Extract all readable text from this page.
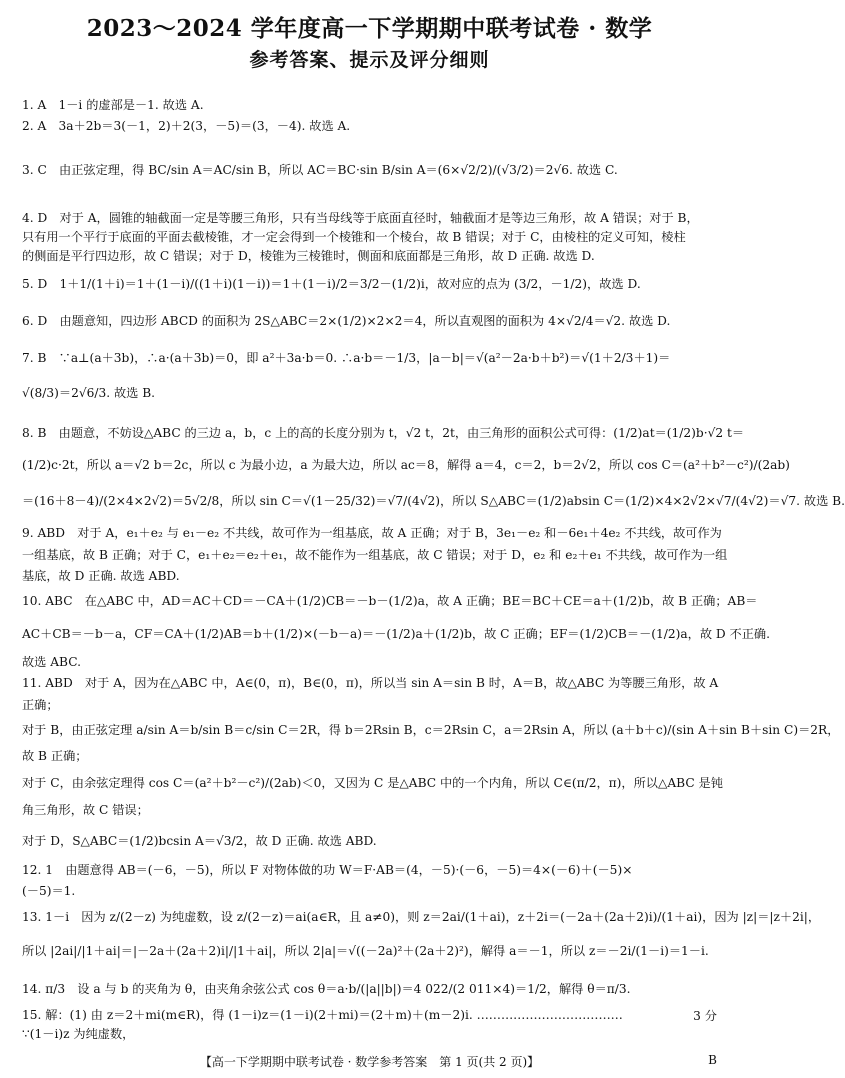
2023～2024 学年度高一下学期期中联考试卷 · 数学
参考答案、提示及评分细则
1. A　1－i 的虚部是－1. 故选 A.
2. A　3a＋2b＝3(－1，2)＋2(3，－5)＝(3，－4). 故选 A.
3. C　由正弦定理，得 BC/sin A＝AC/sin B，所以 AC＝BC·sin B/sin A＝(6×√2/2)/(√3/2)＝2√6. 故选 C.
4. D　对于 A，圆锥的轴截面一定是等腰三角形，只有当母线等于底面直径时，轴截面才是等边三角形，故 A 错误；对于 B，
只有用一个平行于底面的平面去截棱锥，才一定会得到一个棱锥和一个棱台，故 B 错误；对于 C，由棱柱的定义可知，棱柱
的侧面是平行四边形，故 C 错误；对于 D，棱锥为三棱锥时，侧面和底面都是三角形，故 D 正确. 故选 D.
5. D　1＋1/(1＋i)＝1＋(1－i)/((1＋i)(1－i))＝1＋(1－i)/2＝3/2－(1/2)i，故对应的点为 (3/2，－1/2)，故选 D.
6. D　由题意知，四边形 ABCD 的面积为 2S△ABC＝2×(1/2)×2×2＝4，所以直观图的面积为 4×√2/4＝√2. 故选 D.
7. B　∵a⊥(a＋3b)，∴a·(a＋3b)＝0，即 a²＋3a·b＝0. ∴a·b＝－1/3，|a－b|＝√(a²－2a·b＋b²)＝√(1＋2/3＋1)＝
√(8/3)＝2√6/3. 故选 B.
8. B　由题意，不妨设△ABC 的三边 a，b，c 上的高的长度分别为 t，√2 t，2t，由三角形的面积公式可得：(1/2)at＝(1/2)b·√2 t＝
(1/2)c·2t，所以 a＝√2 b＝2c，所以 c 为最小边，a 为最大边，所以 ac＝8，解得 a＝4，c＝2，b＝2√2，所以 cos C＝(a²＋b²－c²)/(2ab)
＝(16＋8－4)/(2×4×2√2)＝5√2/8，所以 sin C＝√(1－25/32)＝√7/(4√2)，所以 S△ABC＝(1/2)absin C＝(1/2)×4×2√2×√7/(4√2)＝√7. 故选 B.
9. ABD　对于 A，e₁＋e₂ 与 e₁－e₂ 不共线，故可作为一组基底，故 A 正确；对于 B，3e₁－e₂ 和－6e₁＋4e₂ 不共线，故可作为
一组基底，故 B 正确；对于 C，e₁＋e₂＝e₂＋e₁，故不能作为一组基底，故 C 错误；对于 D，e₂ 和 e₂＋e₁ 不共线，故可作为一组
基底，故 D 正确. 故选 ABD.
10. ABC　在△ABC 中，AD＝AC＋CD＝－CA＋(1/2)CB＝－b－(1/2)a，故 A 正确；BE＝BC＋CE＝a＋(1/2)b，故 B 正确；AB＝
AC＋CB＝－b－a，CF＝CA＋(1/2)AB＝b＋(1/2)×(－b－a)＝－(1/2)a＋(1/2)b，故 C 正确；EF＝(1/2)CB＝－(1/2)a，故 D 不正确.
故选 ABC.
11. ABD　对于 A，因为在△ABC 中，A∈(0，π)，B∈(0，π)，所以当 sin A＝sin B 时，A＝B，故△ABC 为等腰三角形，故 A
正确；
对于 B，由正弦定理 a/sin A＝b/sin B＝c/sin C＝2R，得 b＝2Rsin B，c＝2Rsin C，a＝2Rsin A，所以 (a＋b＋c)/(sin A＋sin B＋sin C)＝2R，
故 B 正确；
对于 C，由余弦定理得 cos C＝(a²＋b²－c²)/(2ab)＜0，又因为 C 是△ABC 中的一个内角，所以 C∈(π/2，π)，所以△ABC 是钝
角三角形，故 C 错误；
对于 D，S△ABC＝(1/2)bcsin A＝√3/2，故 D 正确. 故选 ABD.
12. 1　由题意得 AB＝(－6，－5)，所以 F 对物体做的功 W＝F·AB＝(4，－5)·(－6，－5)＝4×(－6)＋(－5)×
(－5)＝1.
13. 1－i　因为 z/(2－z) 为纯虚数，设 z/(2－z)＝ai(a∈R，且 a≠0)，则 z＝2ai/(1＋ai)，z＋2i＝(－2a＋(2a＋2)i)/(1＋ai)，因为 |z|＝|z＋2i|，
所以 |2ai|/|1＋ai|＝|－2a＋(2a＋2)i|/|1＋ai|，所以 2|a|＝√((－2a)²＋(2a＋2)²)，解得 a＝－1，所以 z＝－2i/(1－i)＝1－i.
14. π/3　设 a 与 b 的夹角为 θ，由夹角余弦公式 cos θ＝a·b/(|a||b|)＝4 022/(2 011×4)＝1/2，解得 θ＝π/3.
15. 解：(1) 由 z＝2＋mi(m∈R)，得 (1－i)z＝(1－i)(2＋mi)＝(2＋m)＋(m－2)i. ………………………………	3 分
∵(1－i)z 为纯虚数，
【高一下学期期中联考试卷 · 数学参考答案　第 1 页(共 2 页)】	B
